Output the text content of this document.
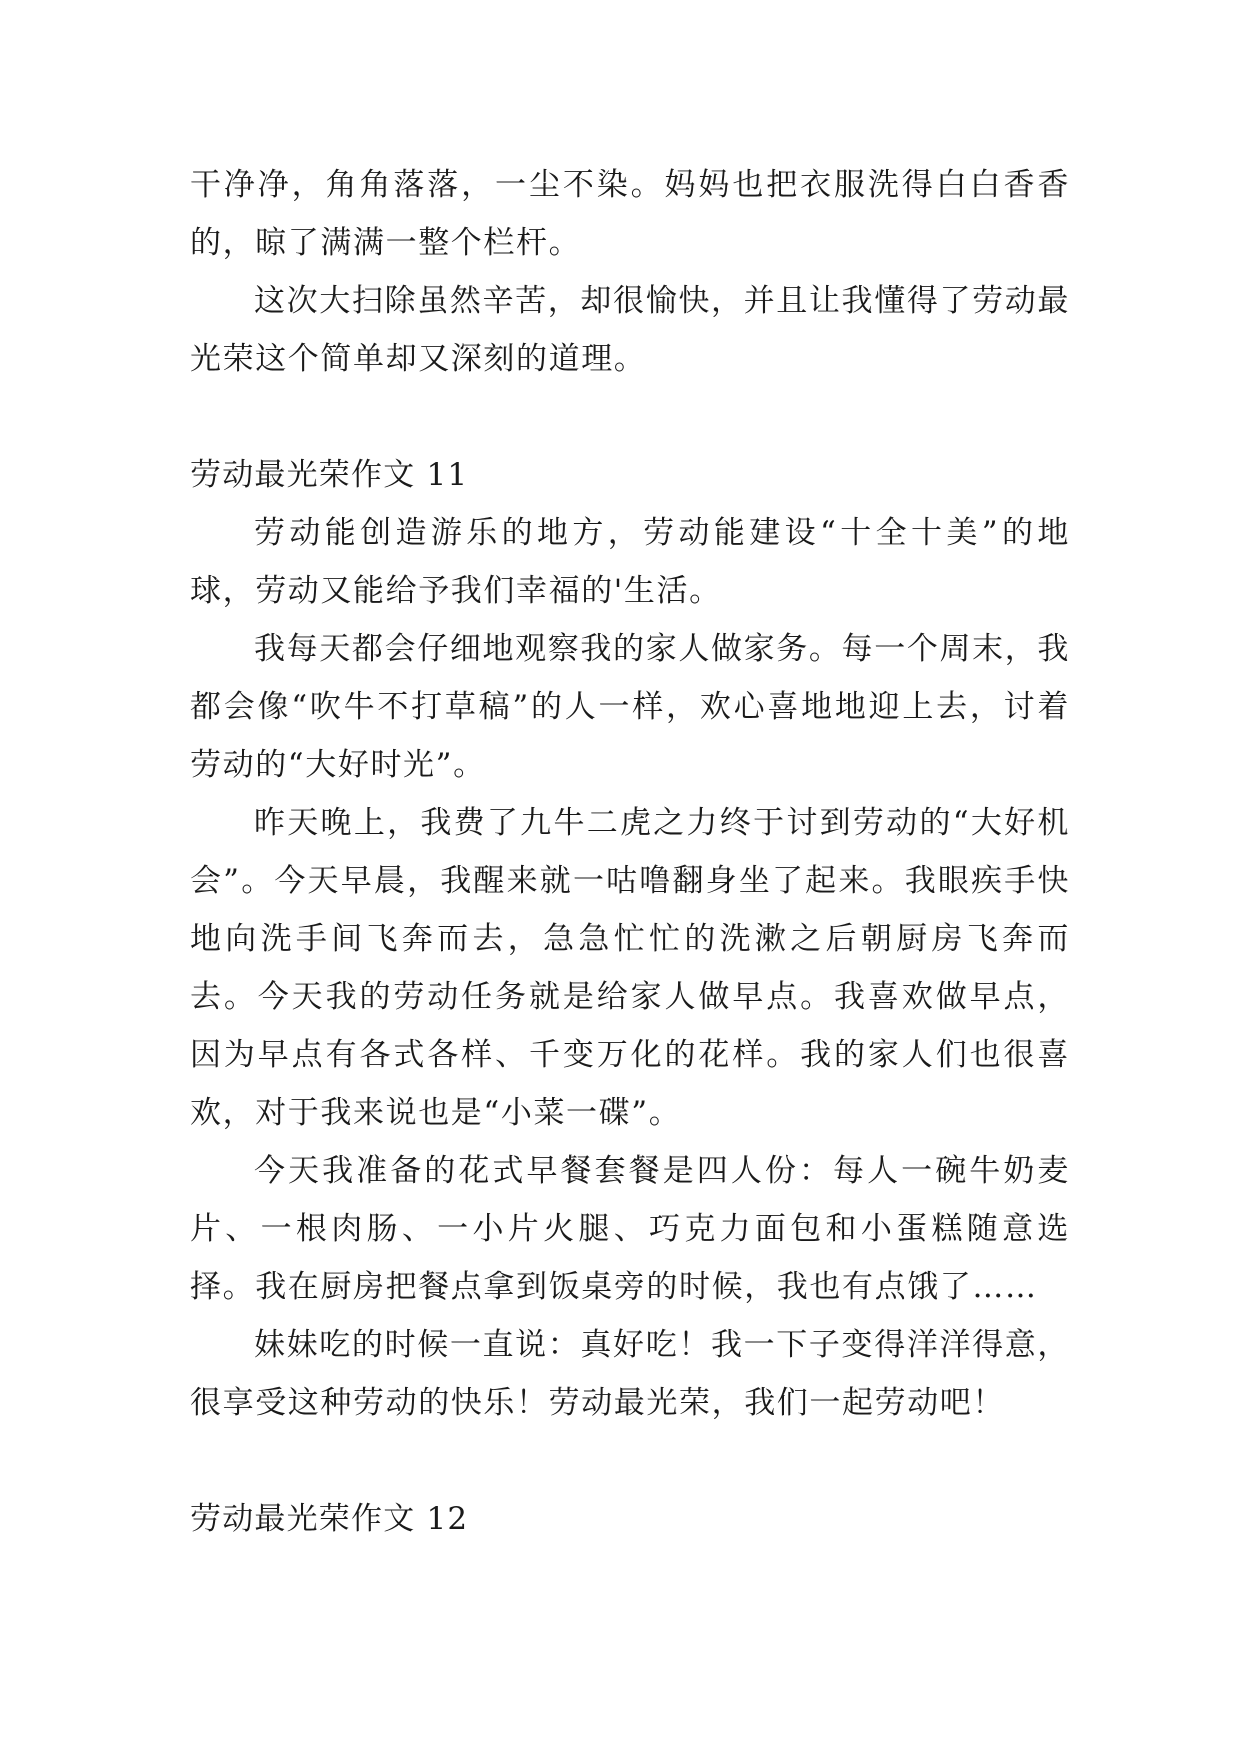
干净净，角角落落，一尘不染。妈妈也把衣服洗得白白香香的，晾了满满一整个栏杆。

这次大扫除虽然辛苦，却很愉快，并且让我懂得了劳动最光荣这个简单却又深刻的道理。

劳动最光荣作文 11

劳动能创造游乐的地方，劳动能建设“十全十美”的地球，劳动又能给予我们幸福的'生活。

我每天都会仔细地观察我的家人做家务。每一个周末，我都会像“吹牛不打草稿”的人一样，欢心喜地地迎上去，讨着劳动的“大好时光”。

昨天晚上，我费了九牛二虎之力终于讨到劳动的“大好机会”。今天早晨，我醒来就一咕噜翻身坐了起来。我眼疾手快地向洗手间飞奔而去，急急忙忙的洗漱之后朝厨房飞奔而去。今天我的劳动任务就是给家人做早点。我喜欢做早点，因为早点有各式各样、千变万化的花样。我的家人们也很喜欢，对于我来说也是“小菜一碟”。

今天我准备的花式早餐套餐是四人份：每人一碗牛奶麦片、一根肉肠、一小片火腿、巧克力面包和小蛋糕随意选择。我在厨房把餐点拿到饭桌旁的时候，我也有点饿了……

妹妹吃的时候一直说：真好吃！我一下子变得洋洋得意，很享受这种劳动的快乐！劳动最光荣，我们一起劳动吧！

劳动最光荣作文 12
